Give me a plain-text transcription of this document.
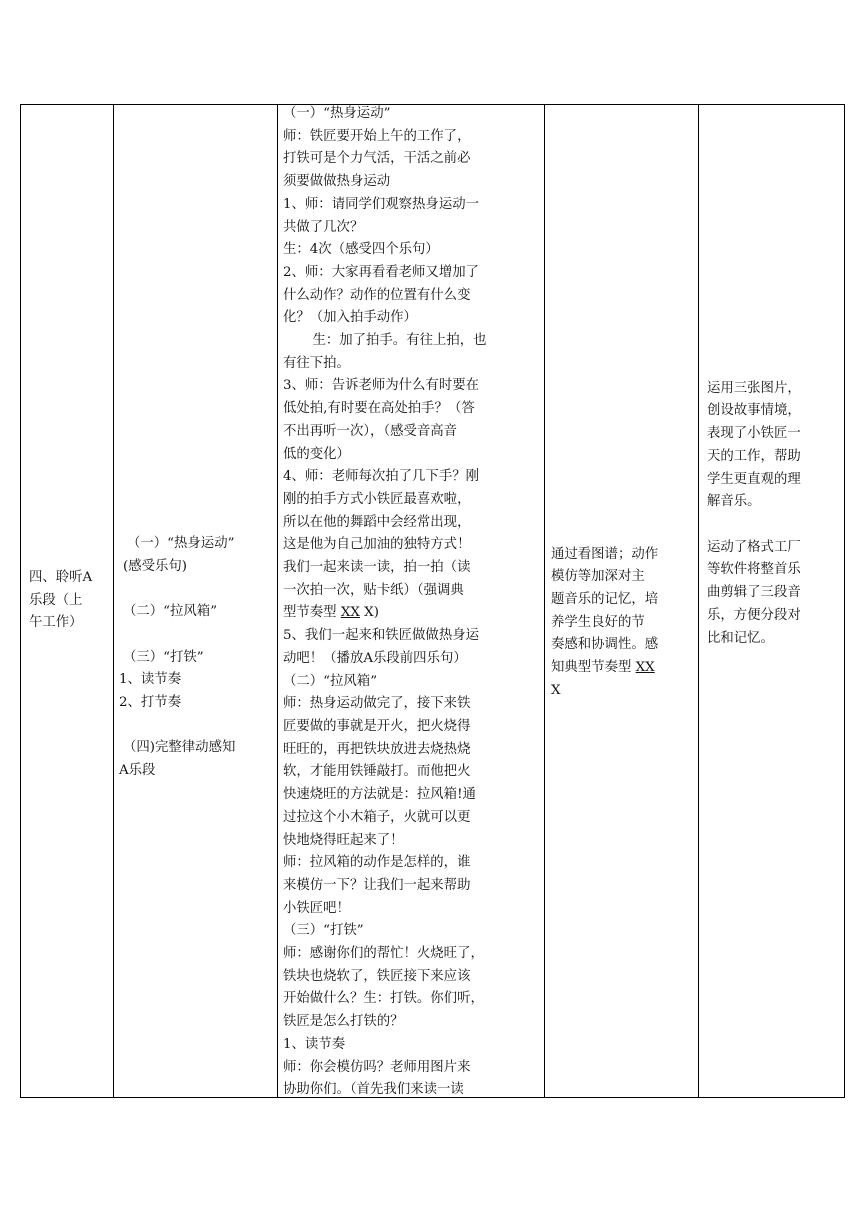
四、聆听A
乐段（上
午工作）

（一）“热身运动”
(感受乐句)
（二）“拉风箱”
（三）“打铁”
1、读节奏
2、打节奏
（四)完整律动感知
A乐段

（一）“热身运动”
师：铁匠要开始上午的工作了，
打铁可是个力气活，干活之前必
须要做做热身运动
1、师：请同学们观察热身运动一
共做了几次？
生：4次（感受四个乐句）
2、师：大家再看看老师又增加了
什么动作？动作的位置有什么变
化？（加入拍手动作）
生：加了拍手。有往上拍，也
有往下拍。
3、师：告诉老师为什么有时要在
低处拍,有时要在高处拍手？（答
不出再听一次），（感受音高音
低的变化）
4、师：老师每次拍了几下手？刚
刚的拍手方式小铁匠最喜欢啦，
所以在他的舞蹈中会经常出现，
这是他为自己加油的独特方式！
我们一起来读一读，拍一拍（读
一次拍一次，贴卡纸）（强调典
型节奏型 XX X)
5、我们一起来和铁匠做做热身运
动吧！（播放A乐段前四乐句）
（二）“拉风箱”
师：热身运动做完了，接下来铁
匠要做的事就是开火，把火烧得
旺旺的，再把铁块放进去烧热烧
软，才能用铁锤敲打。而他把火
快速烧旺的方法就是：拉风箱!通
过拉这个小木箱子，火就可以更
快地烧得旺起来了！
师：拉风箱的动作是怎样的，谁
来模仿一下？让我们一起来帮助
小铁匠吧！
（三）“打铁”
师：感谢你们的帮忙！火烧旺了，
铁块也烧软了，铁匠接下来应该
开始做什么？生：打铁。你们听，
铁匠是怎么打铁的？
1、读节奏
师：你会模仿吗？老师用图片来
协助你们。（首先我们来读一读

通过看图谱；动作
模仿等加深对主
题音乐的记忆，培
养学生良好的节
奏感和协调性。感
知典型节奏型 XX
X

运用三张图片，
创设故事情境，
表现了小铁匠一
天的工作，帮助
学生更直观的理
解音乐。
运动了格式工厂
等软件将整首乐
曲剪辑了三段音
乐，方便分段对
比和记忆。
